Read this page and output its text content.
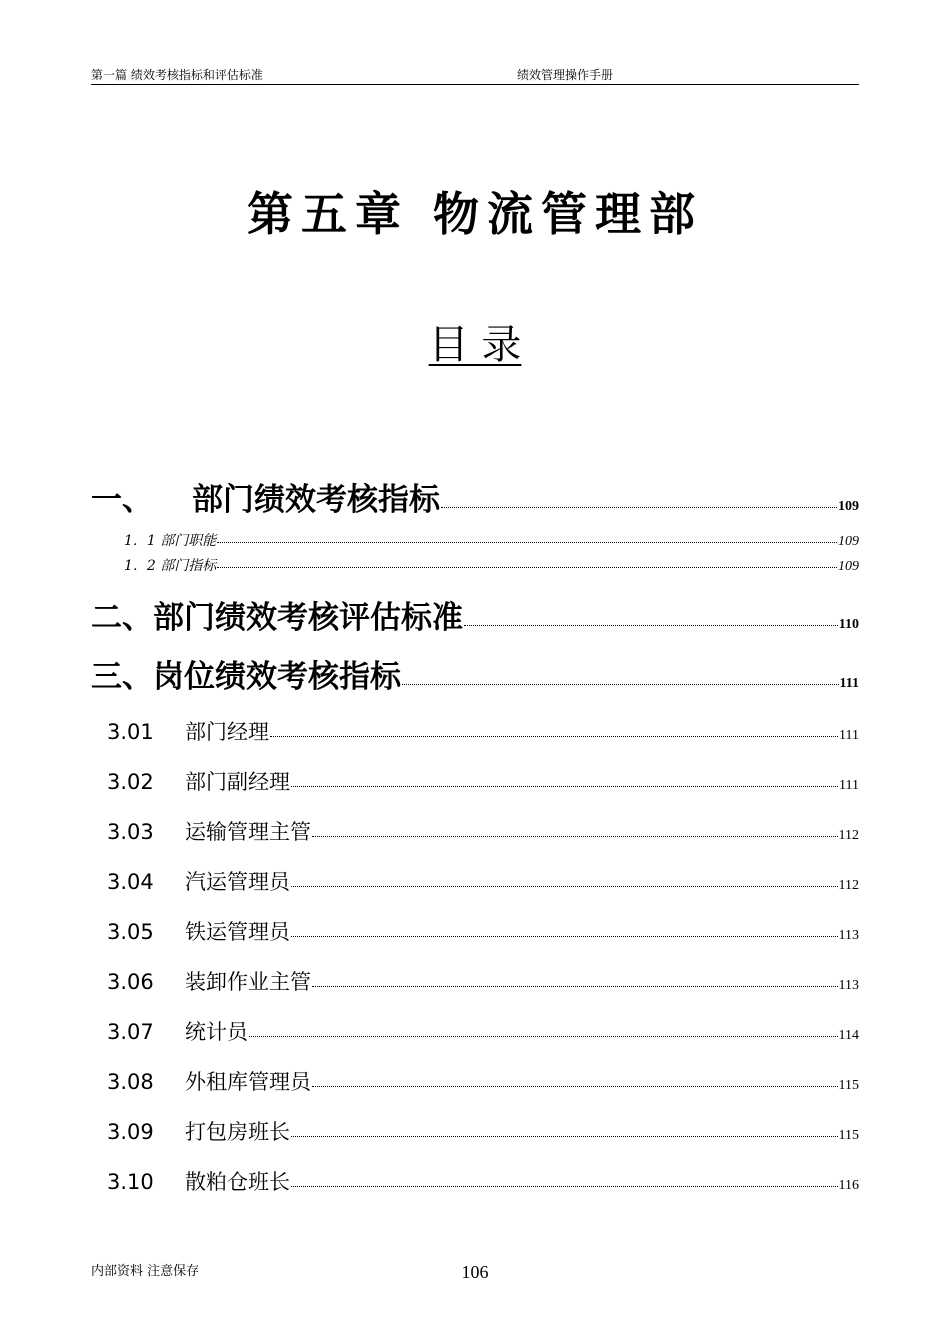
第一篇 绩效考核指标和评估标准	绩效管理操作手册
第五章 物流管理部
目 录
一、 部门绩效考核指标	109
1．1 部门职能	109
1．2 部门指标	109
二、部门绩效考核评估标准	110
三、岗位绩效考核指标	111
3.01 部门经理	111
3.02 部门副经理	111
3.03 运输管理主管	112
3.04 汽运管理员	112
3.05 铁运管理员	113
3.06 装卸作业主管	113
3.07 统计员	114
3.08 外租库管理员	115
3.09 打包房班长	115
3.10 散粕仓班长	116
内部资料 注意保存	106
